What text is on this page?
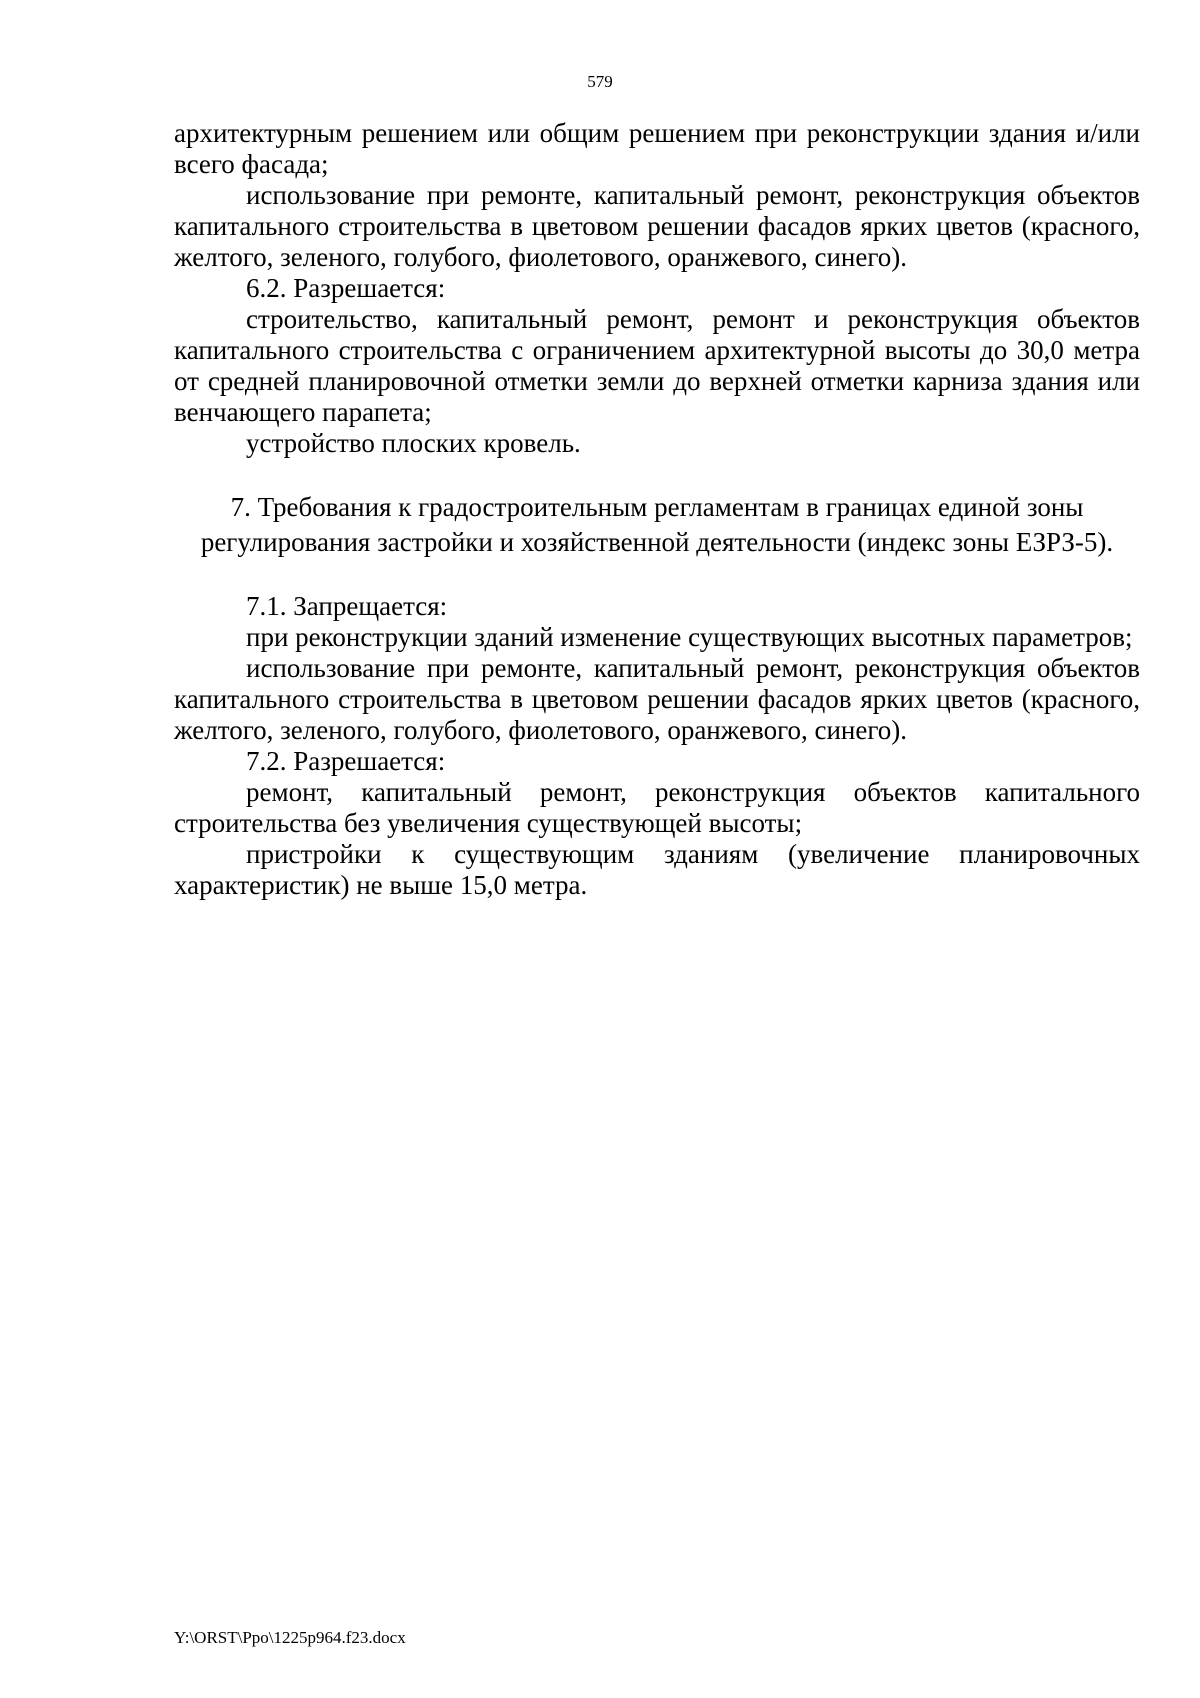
579

архитектурным решением или общим решением при реконструкции здания и/или всего фасада;

использование при ремонте, капитальный ремонт, реконструкция объектов капитального строительства в цветовом решении фасадов ярких цветов (красного, желтого, зеленого, голубого, фиолетового, оранжевого, синего).

6.2. Разрешается:

строительство, капитальный ремонт, ремонт и реконструкция объектов капитального строительства с ограничением архитектурной высоты до 30,0 метра от средней планировочной отметки земли до верхней отметки карниза здания или венчающего парапета;

устройство плоских кровель.

7. Требования к градостроительным регламентам в границах единой зоны
регулирования застройки и хозяйственной деятельности (индекс зоны ЕЗРЗ-5).

7.1. Запрещается:

при реконструкции зданий изменение существующих высотных параметров;

использование при ремонте, капитальный ремонт, реконструкция объектов капитального строительства в цветовом решении фасадов ярких цветов (красного, желтого, зеленого, голубого, фиолетового, оранжевого, синего).

7.2. Разрешается:

ремонт, капитальный ремонт, реконструкция объектов капитального строительства без увеличения существующей высоты;

пристройки к существующим зданиям (увеличение планировочных характеристик) не выше 15,0 метра.

Y:\ORST\Ppo\1225p964.f23.docx
